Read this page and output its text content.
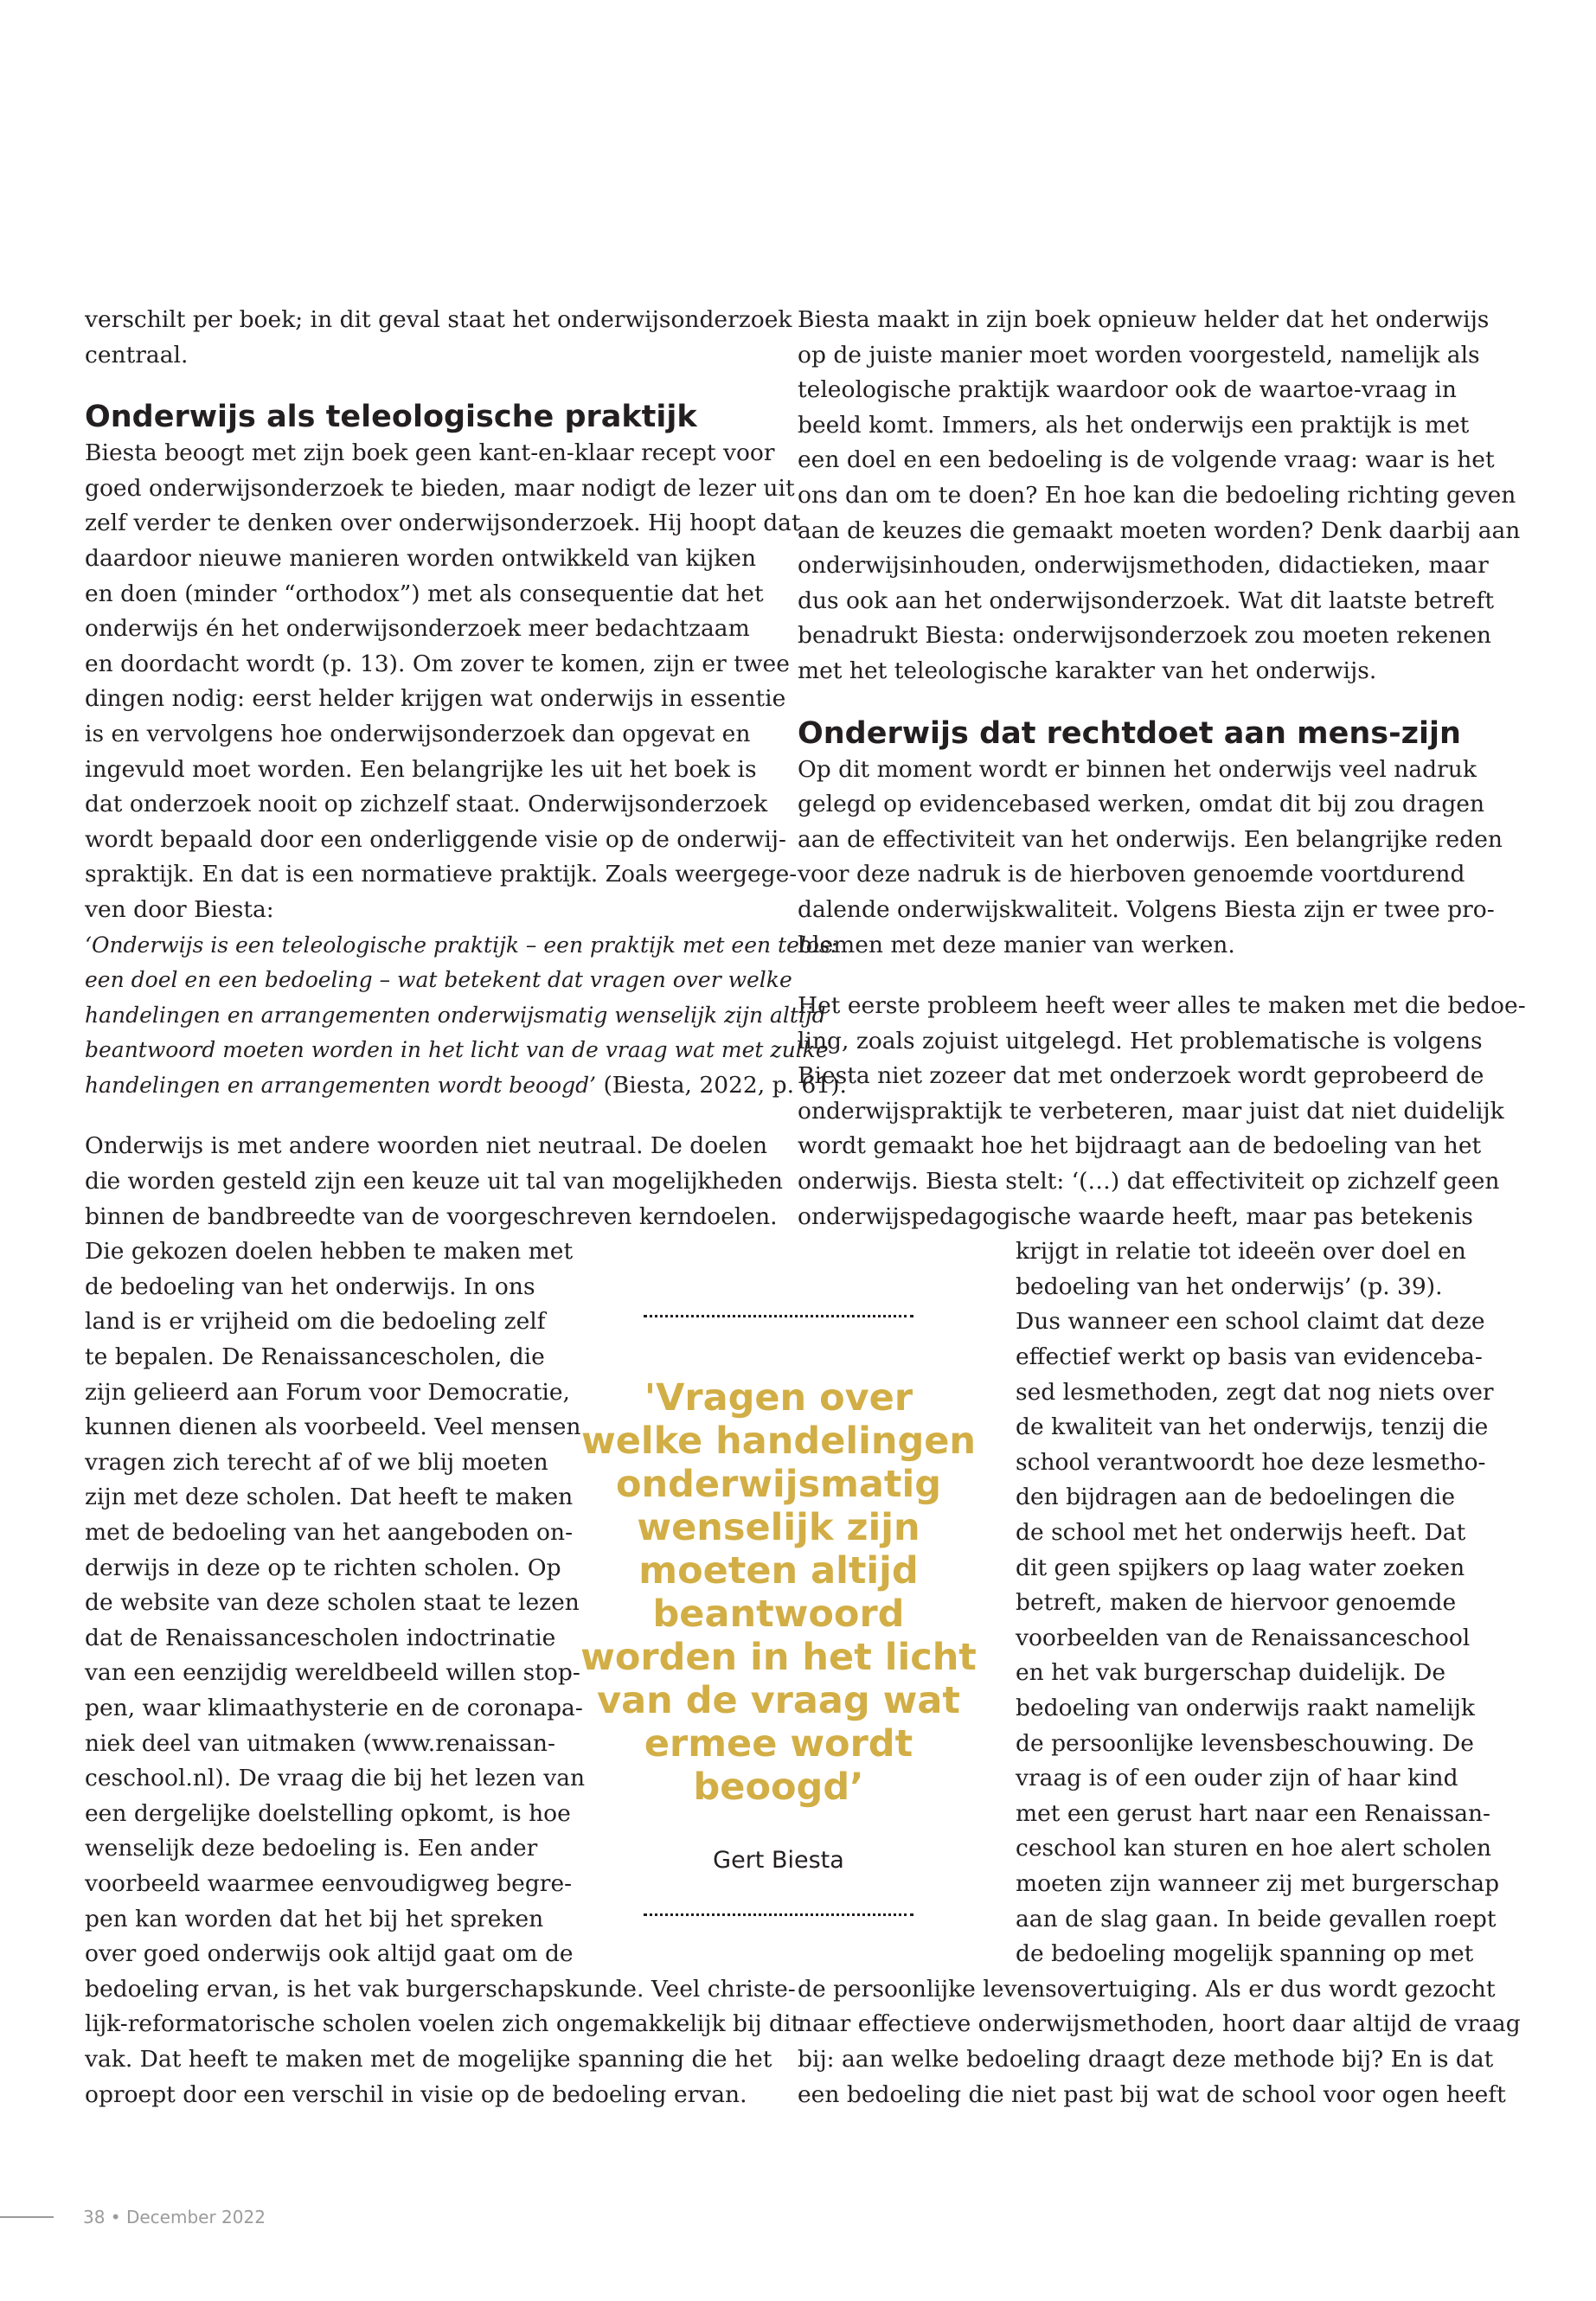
verschilt per boek; in dit geval staat het onderwijsonderzoek
centraal.

Onderwijs als teleologische praktijk

Biesta beoogt met zijn boek geen kant-en-klaar recept voor
goed onderwijsonderzoek te bieden, maar nodigt de lezer uit
zelf verder te denken over onderwijsonderzoek. Hij hoopt dat
daardoor nieuwe manieren worden ontwikkeld van kijken
en doen (minder “orthodox”) met als consequentie dat het
onderwijs én het onderwijsonderzoek meer bedachtzaam
en doordacht wordt (p. 13). Om zover te komen, zijn er twee
dingen nodig: eerst helder krijgen wat onderwijs in essentie
is en vervolgens hoe onderwijsonderzoek dan opgevat en
ingevuld moet worden. Een belangrijke les uit het boek is
dat onderzoek nooit op zichzelf staat. Onderwijsonderzoek
wordt bepaald door een onderliggende visie op de onderwij-
spraktijk. En dat is een normatieve praktijk. Zoals weergege-
ven door Biesta:

‘Onderwijs is een teleologische praktijk – een praktijk met een telos:
een doel en een bedoeling – wat betekent dat vragen over welke
handelingen en arrangementen onderwijsmatig wenselijk zijn altijd
beantwoord moeten worden in het licht van de vraag wat met zulke
handelingen en arrangementen wordt beoogd’ (Biesta, 2022, p. 61).

Onderwijs is met andere woorden niet neutraal. De doelen
die worden gesteld zijn een keuze uit tal van mogelijkheden
binnen de bandbreedte van de voorgeschreven kerndoelen.
Die gekozen doelen hebben te maken met
de bedoeling van het onderwijs. In ons
land is er vrijheid om die bedoeling zelf
te bepalen. De Renaissancescholen, die
zijn gelieerd aan Forum voor Democratie,
kunnen dienen als voorbeeld. Veel mensen
vragen zich terecht af of we blij moeten
zijn met deze scholen. Dat heeft te maken
met de bedoeling van het aangeboden on-
derwijs in deze op te richten scholen. Op
de website van deze scholen staat te lezen
dat de Renaissancescholen indoctrinatie
van een eenzijdig wereldbeeld willen stop-
pen, waar klimaathysterie en de coronapa-
niek deel van uitmaken (www.renaissan-
ceschool.nl). De vraag die bij het lezen van
een dergelijke doelstelling opkomt, is hoe
wenselijk deze bedoeling is. Een ander
voorbeeld waarmee eenvoudigweg begre-
pen kan worden dat het bij het spreken
over goed onderwijs ook altijd gaat om de
bedoeling ervan, is het vak burgerschapskunde. Veel christe-
lijk-reformatorische scholen voelen zich ongemakkelijk bij dit
vak. Dat heeft te maken met de mogelijke spanning die het
oproept door een verschil in visie op de bedoeling ervan.

Biesta maakt in zijn boek opnieuw helder dat het onderwijs
op de juiste manier moet worden voorgesteld, namelijk als
teleologische praktijk waardoor ook de waartoe-vraag in
beeld komt. Immers, als het onderwijs een praktijk is met
een doel en een bedoeling is de volgende vraag: waar is het
ons dan om te doen? En hoe kan die bedoeling richting geven
aan de keuzes die gemaakt moeten worden? Denk daarbij aan
onderwijsinhouden, onderwijsmethoden, didactieken, maar
dus ook aan het onderwijsonderzoek. Wat dit laatste betreft
benadrukt Biesta: onderwijsonderzoek zou moeten rekenen
met het teleologische karakter van het onderwijs.

Onderwijs dat rechtdoet aan mens-zijn

Op dit moment wordt er binnen het onderwijs veel nadruk
gelegd op evidencebased werken, omdat dit bij zou dragen
aan de effectiviteit van het onderwijs. Een belangrijke reden
voor deze nadruk is de hierboven genoemde voortdurend
dalende onderwijskwaliteit. Volgens Biesta zijn er twee pro-
blemen met deze manier van werken.

Het eerste probleem heeft weer alles te maken met die bedoe-
ling, zoals zojuist uitgelegd. Het problematische is volgens
Biesta niet zozeer dat met onderzoek wordt geprobeerd de
onderwijspraktijk te verbeteren, maar juist dat niet duidelijk
wordt gemaakt hoe het bijdraagt aan de bedoeling van het
onderwijs. Biesta stelt: ‘(…) dat effectiviteit op zichzelf geen
onderwijspedagogische waarde heeft, maar pas betekenis

krijgt in relatie tot ideeën over doel en
bedoeling van het onderwijs’ (p. 39).
Dus wanneer een school claimt dat deze
effectief werkt op basis van evidenceba-
sed lesmethoden, zegt dat nog niets over
de kwaliteit van het onderwijs, tenzij die
school verantwoordt hoe deze lesmetho-
den bijdragen aan de bedoelingen die
de school met het onderwijs heeft. Dat
dit geen spijkers op laag water zoeken
betreft, maken de hiervoor genoemde
voorbeelden van de Renaissanceschool
en het vak burgerschap duidelijk. De
bedoeling van onderwijs raakt namelijk
de persoonlijke levensbeschouwing. De
vraag is of een ouder zijn of haar kind
met een gerust hart naar een Renaissan-
ceschool kan sturen en hoe alert scholen
moeten zijn wanneer zij met burgerschap
aan de slag gaan. In beide gevallen roept
de bedoeling mogelijk spanning op met

de persoonlijke levensovertuiging. Als er dus wordt gezocht
naar effectieve onderwijsmethoden, hoort daar altijd de vraag
bij: aan welke bedoeling draagt deze methode bij? En is dat
een bedoeling die niet past bij wat de school voor ogen heeft

'Vragen over welke handelingen onderwijsmatig wenselijk zijn moeten altijd beantwoord worden in het licht van de vraag wat ermee wordt beoogd’
Gert Biesta
38 • December 2022
